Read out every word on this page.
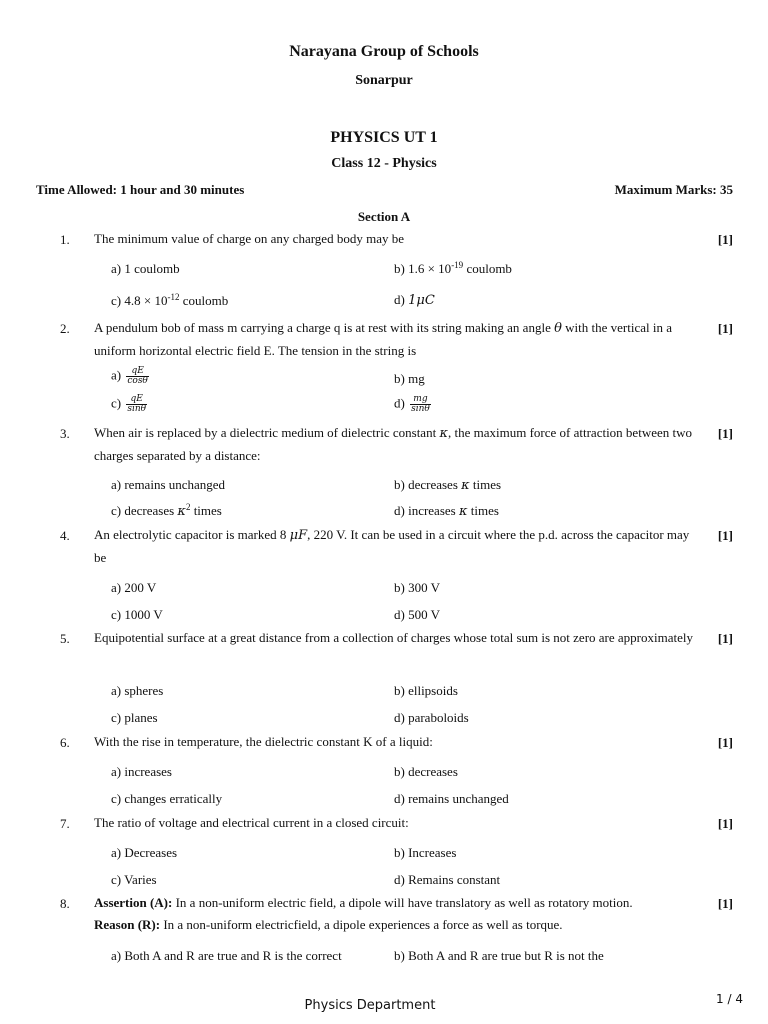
Narayana Group of Schools
Sonarpur
PHYSICS UT 1
Class 12 - Physics
Time Allowed: 1 hour and 30 minutes	Maximum Marks: 35
Section A
1. The minimum value of charge on any charged body may be	[1]
a) 1 coulomb	b) $1.6 \times 10^{-19}$ coulomb
c) $4.8 \times 10^{-12}$ coulomb	d) 1μC
2. A pendulum bob of mass m carrying a charge q is at rest with its string making an angle θ with the vertical in a uniform horizontal electric field E. The tension in the string is
[1]
$a) \frac{qE}{\cos\theta}$	b) mg
$c) \frac{qE}{\sin\theta}$	$d) \frac{mg}{\sin\theta}$
3. When air is replaced by a dielectric medium of dielectric constant κ, the maximum force of attraction between two charges separated by a distance:
[1]
a) remains unchanged	b) decreases κ times
c) decreases $\kappa^2$ times	d) increases κ times
4. An electrolytic capacitor is marked 8 μF, 220 V. It can be used in a circuit where the p.d. across the capacitor may be
[1]
a) 200 V	b) 300 V
c) 1000 V	d) 500 V
5. Equipotential surface at a great distance from a collection of charges whose total sum is not zero are approximately	[1]
a) spheres	b) ellipsoids
c) planes	d) paraboloids
6. With the rise in temperature, the dielectric constant K of a liquid:	[1]
a) increases	b) decreases
c) changes erratically	d) remains unchanged
7. The ratio of voltage and electrical current in a closed circuit:	[1]
a) Decreases	b) Increases
c) Varies	d) Remains constant
8. Assertion (A): In a non-uniform electric field, a dipole will have translatory as well as rotatory motion.
Reason (R): In a non-uniform electricfield, a dipole experiences a force as well as torque.
[1]
a) Both A and R are true and R is the correct	b) Both A and R are true but R is not the
Physics Department	1 / 4
